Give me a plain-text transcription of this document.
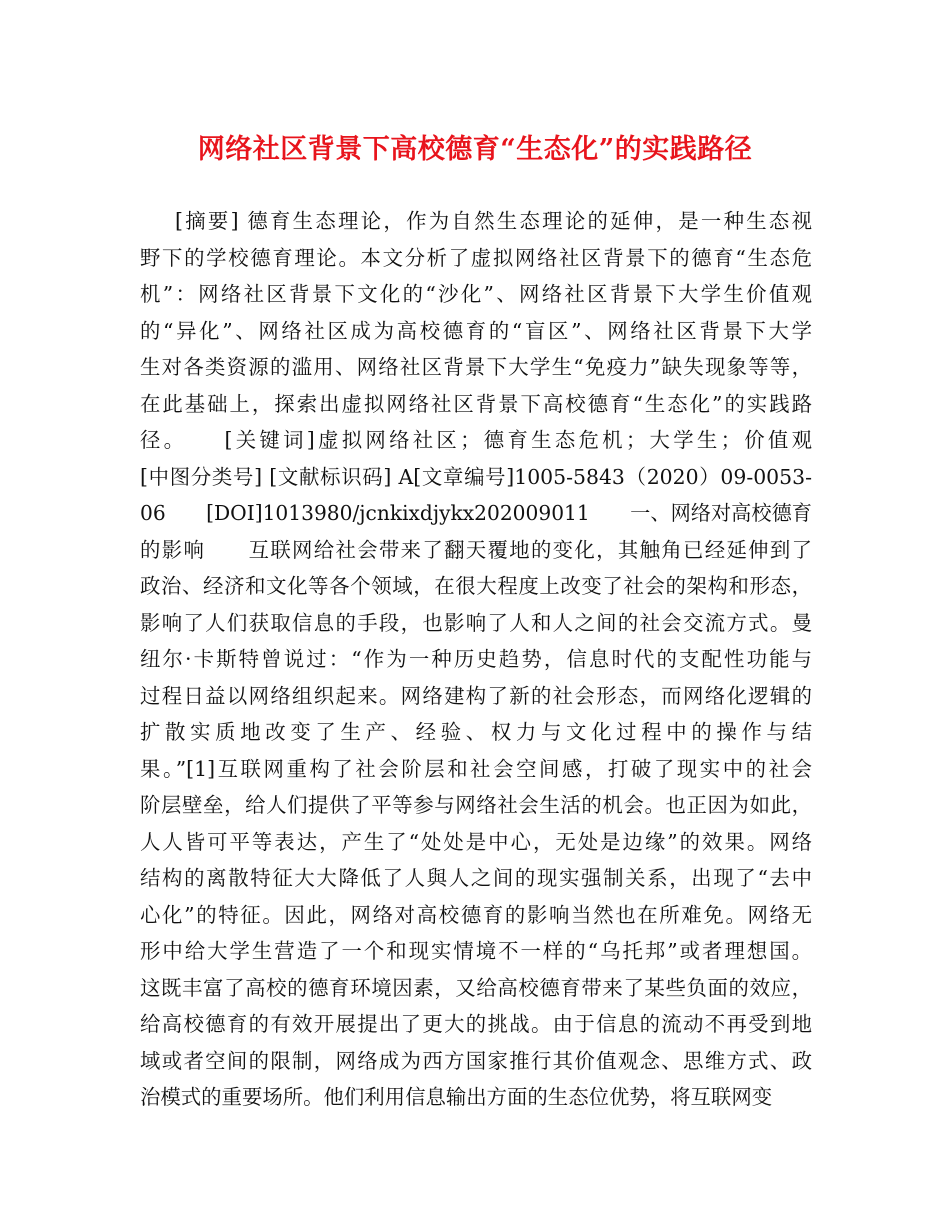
网络社区背景下高校德育“生态化”的实践路径
[摘要] 德育生态理论，作为自然生态理论的延伸，是一种生态视
野下的学校德育理论。本文分析了虚拟网络社区背景下的德育“生态危
机”：网络社区背景下文化的“沙化”、网络社区背景下大学生价值观
的“异化”、网络社区成为高校德育的“盲区”、网络社区背景下大学
生对各类资源的滥用、网络社区背景下大学生“免疫力”缺失现象等等，
在此基础上，探索出虚拟网络社区背景下高校德育“生态化”的实践路
径。　　[关键词]虚拟网络社区；德育生态危机；大学生；价值观
[中图分类号] [文献标识码] A[文章编号]1005-5843（2020）09-0053-
06　　[DOI]1013980/jcnkixdjykx202009011　　一、网络对高校德育
的影响　　互联网给社会带来了翻天覆地的变化，其触角已经延伸到了
政治、经济和文化等各个领域，在很大程度上改变了社会的架构和形态，
影响了人们获取信息的手段，也影响了人和人之间的社会交流方式。曼
纽尔·卡斯特曾说过：“作为一种历史趋势，信息时代的支配性功能与
过程日益以网络组织起来。网络建构了新的社会形态，而网络化逻辑的
扩散实质地改变了生产、经验、权力与文化过程中的操作与结
果。”[1]互联网重构了社会阶层和社会空间感，打破了现实中的社会
阶层壁垒，给人们提供了平等参与网络社会生活的机会。也正因为如此，
人人皆可平等表达，产生了“处处是中心，无处是边缘”的效果。网络
结构的离散特征大大降低了人與人之间的现实强制关系，出现了“去中
心化”的特征。因此，网络对高校德育的影响当然也在所难免。网络无
形中给大学生营造了一个和现实情境不一样的“乌托邦”或者理想国。
这既丰富了高校的德育环境因素，又给高校德育带来了某些负面的效应，
给高校德育的有效开展提出了更大的挑战。由于信息的流动不再受到地
域或者空间的限制，网络成为西方国家推行其价值观念、思维方式、政
治模式的重要场所。他们利用信息输出方面的生态位优势，将互联网变
